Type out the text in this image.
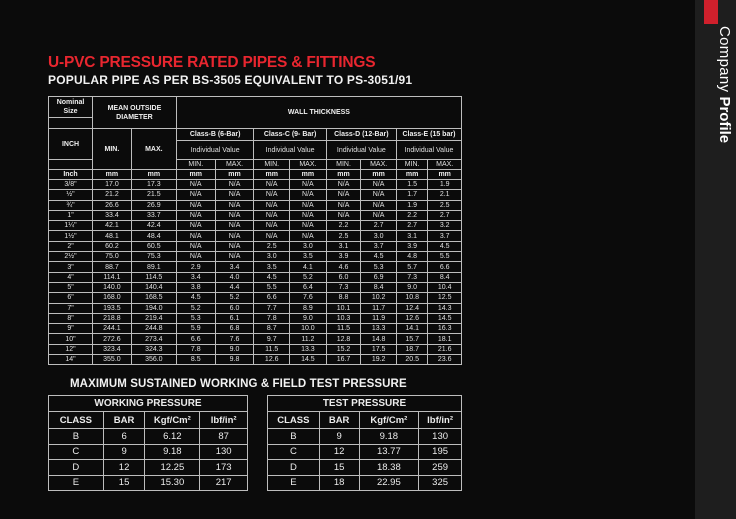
Company Profile
U-PVC PRESSURE RATED PIPES & FITTINGS
POPULAR PIPE AS PER BS-3505 EQUIVALENT TO PS-3051/91
Nominal Size	MEAN OUTSIDE DIAMETER		WALL THICKNESS							

INCH	MIN.	MAX.	Class-B (6-Bar)		Class-C (9- Bar)		Class-D (12-Bar)		Class-E (15 bar)	
			Individual Value		Individual Value		Individual Value		Individual Value	
			MIN.	MAX.	MIN.	MAX.	MIN.	MAX.	MIN.	MAX.
Inch	mm	mm	mm	mm	mm	mm	mm	mm	mm	mm
3/8"	17.0	17.3	N/A	N/A	N/A	N/A	N/A	N/A	1.5	1.9
½"	21.2	21.5	N/A	N/A	N/A	N/A	N/A	N/A	1.7	2.1
¾"	26.6	26.9	N/A	N/A	N/A	N/A	N/A	N/A	1.9	2.5
1"	33.4	33.7	N/A	N/A	N/A	N/A	N/A	N/A	2.2	2.7
1¼"	42.1	42.4	N/A	N/A	N/A	N/A	2.2	2.7	2.7	3.2
1½"	48.1	48.4	N/A	N/A	N/A	N/A	2.5	3.0	3.1	3.7
2"	60.2	60.5	N/A	N/A	2.5	3.0	3.1	3.7	3.9	4.5
2½"	75.0	75.3	N/A	N/A	3.0	3.5	3.9	4.5	4.8	5.5
3"	88.7	89.1	2.9	3.4	3.5	4.1	4.6	5.3	5.7	6.6
4"	114.1	114.5	3.4	4.0	4.5	5.2	6.0	6.9	7.3	8.4
5"	140.0	140.4	3.8	4.4	5.5	6.4	7.3	8.4	9.0	10.4
6"	168.0	168.5	4.5	5.2	6.6	7.6	8.8	10.2	10.8	12.5
7"	193.5	194.0	5.2	6.0	7.7	8.9	10.1	11.7	12.4	14.3
8"	218.8	219.4	5.3	6.1	7.8	9.0	10.3	11.9	12.6	14.5
9"	244.1	244.8	5.9	6.8	8.7	10.0	11.5	13.3	14.1	16.3
10"	272.6	273.4	6.6	7.6	9.7	11.2	12.8	14.8	15.7	18.1
12"	323.4	324.3	7.8	9.0	11.5	13.3	15.2	17.5	18.7	21.6
14"	355.0	356.0	8.5	9.8	12.6	14.5	16.7	19.2	20.5	23.6
MAXIMUM SUSTAINED WORKING & FIELD TEST PRESSURE
WORKING PRESSURE			
CLASS	BAR	Kgf/Cm²	lbf/in²
B	6	6.12	87
C	9	9.18	130
D	12	12.25	173
E	15	15.30	217
TEST PRESSURE			
CLASS	BAR	Kgf/Cm²	lbf/in²
B	9	9.18	130
C	12	13.77	195
D	15	18.38	259
E	18	22.95	325
